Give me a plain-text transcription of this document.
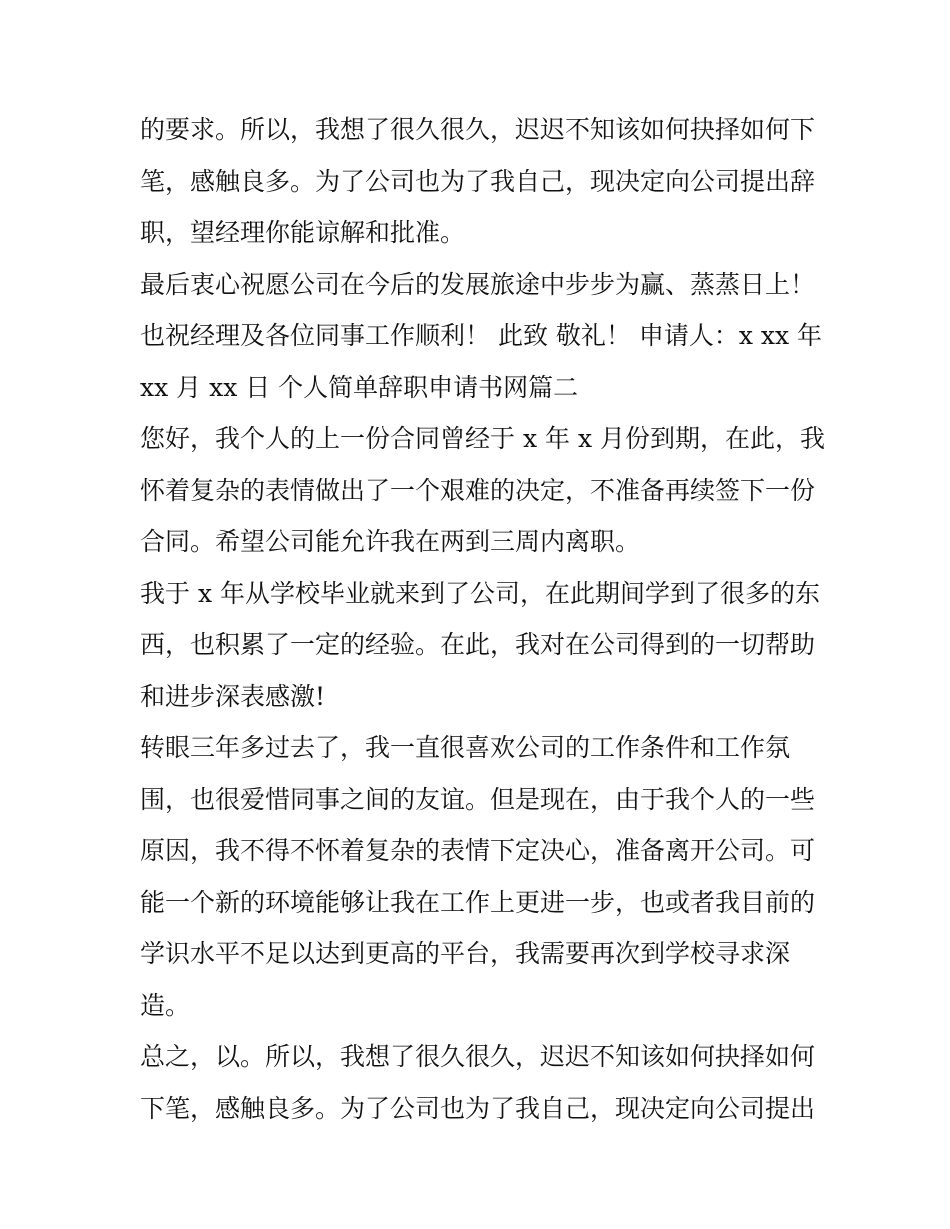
的要求。所以，我想了很久很久，迟迟不知该如何抉择如何下
笔，感触良多。为了公司也为了我自己，现决定向公司提出辞
职，望经理你能谅解和批准。
最后衷心祝愿公司在今后的发展旅途中步步为赢、蒸蒸日上！
也祝经理及各位同事工作顺利！ 此致 敬礼！ 申请人：x xx 年
xx 月 xx 日 个人简单辞职申请书网篇二
您好，我个人的上一份合同曾经于 x 年 x 月份到期，在此，我
怀着复杂的表情做出了一个艰难的决定，不准备再续签下一份
合同。希望公司能允许我在两到三周内离职。
我于 x 年从学校毕业就来到了公司，在此期间学到了很多的东
西，也积累了一定的经验。在此，我对在公司得到的一切帮助
和进步深表感激!
转眼三年多过去了，我一直很喜欢公司的工作条件和工作氛
围，也很爱惜同事之间的友谊。但是现在，由于我个人的一些
原因，我不得不怀着复杂的表情下定决心，准备离开公司。可
能一个新的环境能够让我在工作上更进一步，也或者我目前的
学识水平不足以达到更高的平台，我需要再次到学校寻求深
造。
总之，以。所以，我想了很久很久，迟迟不知该如何抉择如何
下笔，感触良多。为了公司也为了我自己，现决定向公司提出
